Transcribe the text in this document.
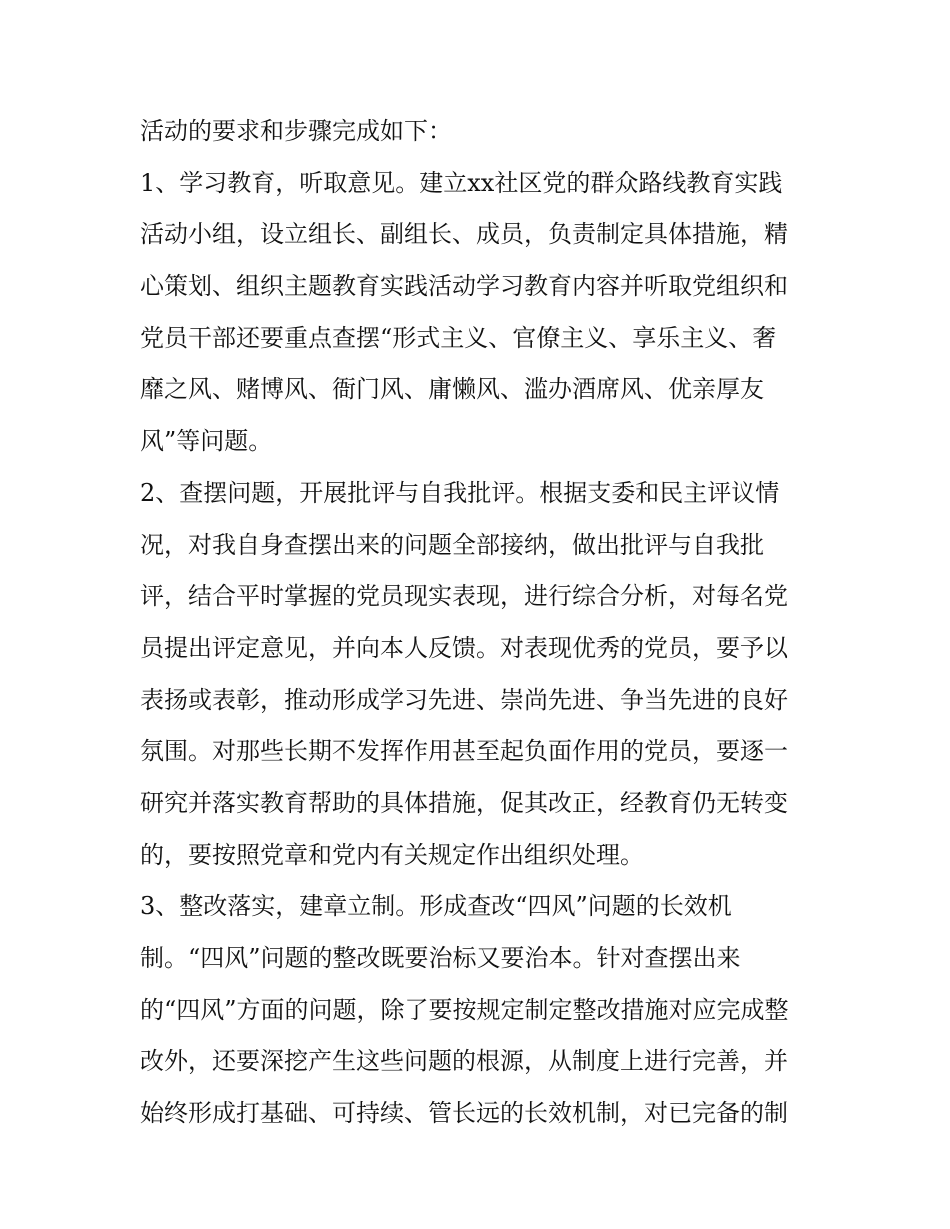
活动的要求和步骤完成如下：
1、学习教育，听取意见。建立xx社区党的群众路线教育实践
活动小组，设立组长、副组长、成员，负责制定具体措施，精
心策划、组织主题教育实践活动学习教育内容并听取党组织和
党员干部还要重点查摆“形式主义、官僚主义、享乐主义、奢
靡之风、赌博风、衙门风、庸懒风、滥办酒席风、优亲厚友
风”等问题。
2、查摆问题，开展批评与自我批评。根据支委和民主评议情
况，对我自身查摆出来的问题全部接纳，做出批评与自我批
评，结合平时掌握的党员现实表现，进行综合分析，对每名党
员提出评定意见，并向本人反馈。对表现优秀的党员，要予以
表扬或表彰，推动形成学习先进、崇尚先进、争当先进的良好
氛围。对那些长期不发挥作用甚至起负面作用的党员，要逐一
研究并落实教育帮助的具体措施，促其改正，经教育仍无转变
的，要按照党章和党内有关规定作出组织处理。
3、整改落实，建章立制。形成查改“四风”问题的长效机
制。“四风”问题的整改既要治标又要治本。针对查摆出来
的“四风”方面的问题，除了要按规定制定整改措施对应完成整
改外，还要深挖产生这些问题的根源，从制度上进行完善，并
始终形成打基础、可持续、管长远的长效机制，对已完备的制
